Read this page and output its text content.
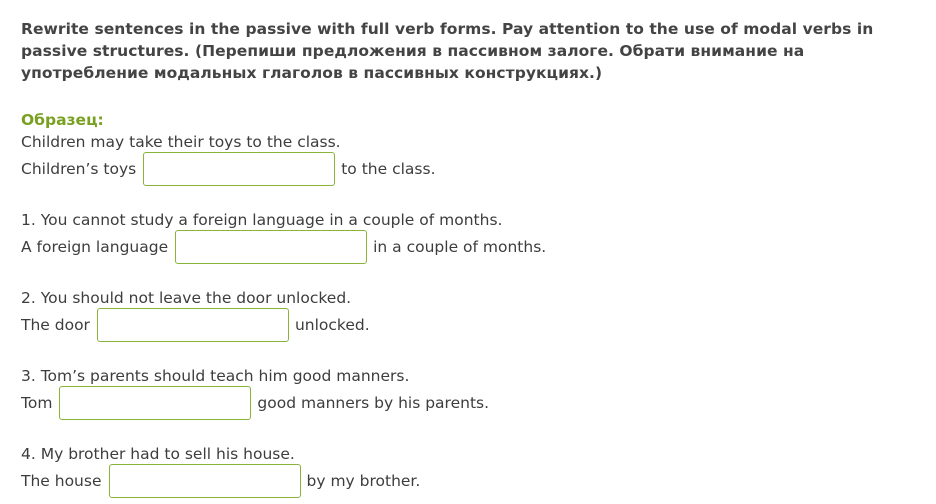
Rewrite sentences in the passive with full verb forms. Pay attention to the use of modal verbs in passive structures. (Перепиши предложения в пассивном залоге. Обрати внимание на употребление модальных глаголов в пассивных конструкциях.)

Образец:
Children may take their toys to the class.
Children’s toys	to the class.
1. You cannot study a foreign language in a couple of months.
A foreign language	in a couple of months.
2. You should not leave the door unlocked.
The door	unlocked.
3. Tom’s parents should teach him good manners.
Tom	good manners by his parents.
4. My brother had to sell his house.
The house	by my brother.
